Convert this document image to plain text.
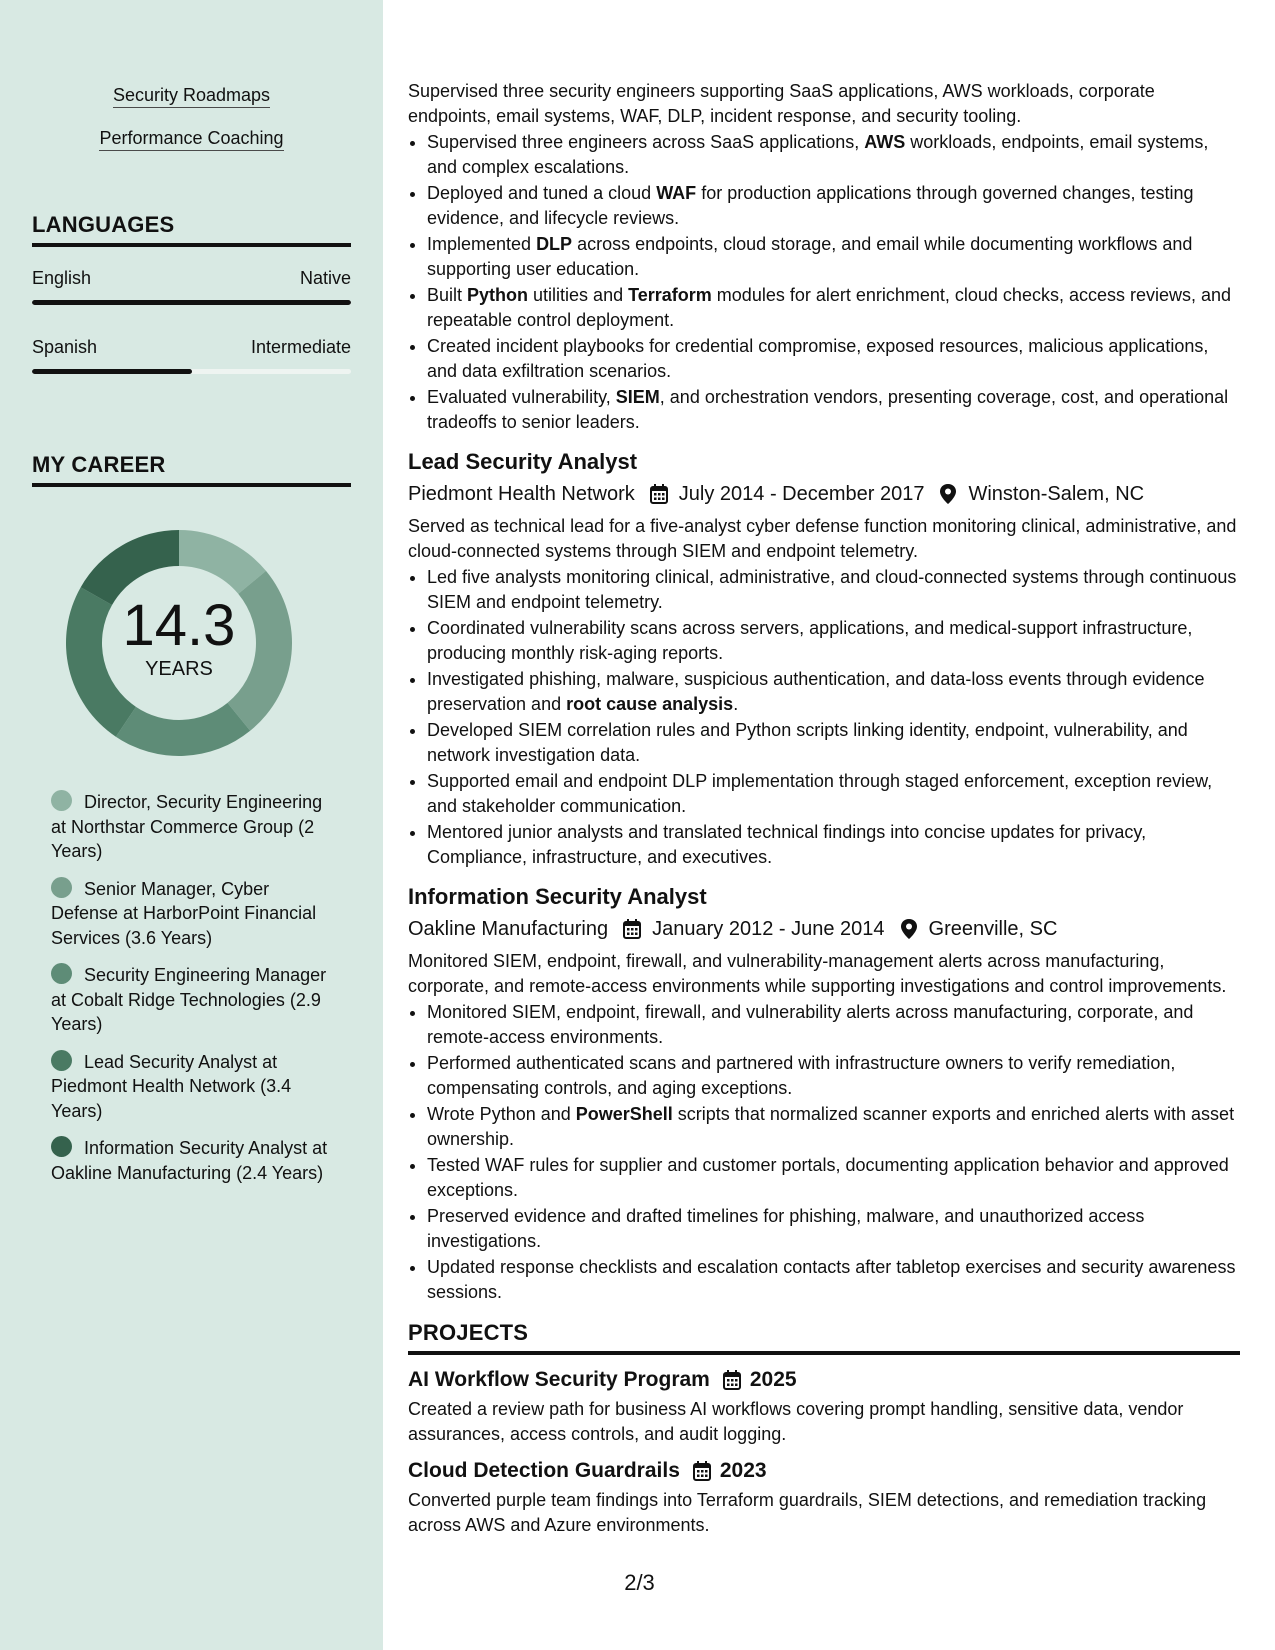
Security Roadmaps
Performance Coaching
LANGUAGES
English	Native
Spanish	Intermediate
MY CAREER
14.3
YEARS
Director, Security Engineering at Northstar Commerce Group (2 Years)
Senior Manager, Cyber Defense at HarborPoint Financial Services (3.6 Years)
Security Engineering Manager at Cobalt Ridge Technologies (2.9 Years)
Lead Security Analyst at Piedmont Health Network (3.4 Years)
Information Security Analyst at Oakline Manufacturing (2.4 Years)

Supervised three security engineers supporting SaaS applications, AWS workloads, corporate endpoints, email systems, WAF, DLP, incident response, and security tooling.

• Supervised three engineers across SaaS applications, AWS workloads, endpoints, email systems, and complex escalations.
• Deployed and tuned a cloud WAF for production applications through governed changes, testing evidence, and lifecycle reviews.
• Implemented DLP across endpoints, cloud storage, and email while documenting workflows and supporting user education.
• Built Python utilities and Terraform modules for alert enrichment, cloud checks, access reviews, and repeatable control deployment.
• Created incident playbooks for credential compromise, exposed resources, malicious applications, and data exfiltration scenarios.
• Evaluated vulnerability, SIEM, and orchestration vendors, presenting coverage, cost, and operational tradeoffs to senior leaders.
Lead Security Analyst
Piedmont Health Network July 2014 - December 2017 Winston-Salem, NC

Served as technical lead for a five-analyst cyber defense function monitoring clinical, administrative, and cloud-connected systems through SIEM and endpoint telemetry.

• Led five analysts monitoring clinical, administrative, and cloud-connected systems through continuous SIEM and endpoint telemetry.
• Coordinated vulnerability scans across servers, applications, and medical-support infrastructure, producing monthly risk-aging reports.
• Investigated phishing, malware, suspicious authentication, and data-loss events through evidence preservation and root cause analysis.
• Developed SIEM correlation rules and Python scripts linking identity, endpoint, vulnerability, and network investigation data.
• Supported email and endpoint DLP implementation through staged enforcement, exception review, and stakeholder communication.
• Mentored junior analysts and translated technical findings into concise updates for privacy, Compliance, infrastructure, and executives.
Information Security Analyst
Oakline Manufacturing January 2012 - June 2014 Greenville, SC

Monitored SIEM, endpoint, firewall, and vulnerability-management alerts across manufacturing, corporate, and remote-access environments while supporting investigations and control improvements.

• Monitored SIEM, endpoint, firewall, and vulnerability alerts across manufacturing, corporate, and remote-access environments.
• Performed authenticated scans and partnered with infrastructure owners to verify remediation, compensating controls, and aging exceptions.
• Wrote Python and PowerShell scripts that normalized scanner exports and enriched alerts with asset ownership.
• Tested WAF rules for supplier and customer portals, documenting application behavior and approved exceptions.
• Preserved evidence and drafted timelines for phishing, malware, and unauthorized access investigations.
• Updated response checklists and escalation contacts after tabletop exercises and security awareness sessions.
PROJECTS
AI Workflow Security Program 2025

Created a review path for business AI workflows covering prompt handling, sensitive data, vendor assurances, access controls, and audit logging.

Cloud Detection Guardrails 2023

Converted purple team findings into Terraform guardrails, SIEM detections, and remediation tracking across AWS and Azure environments.

2/3
